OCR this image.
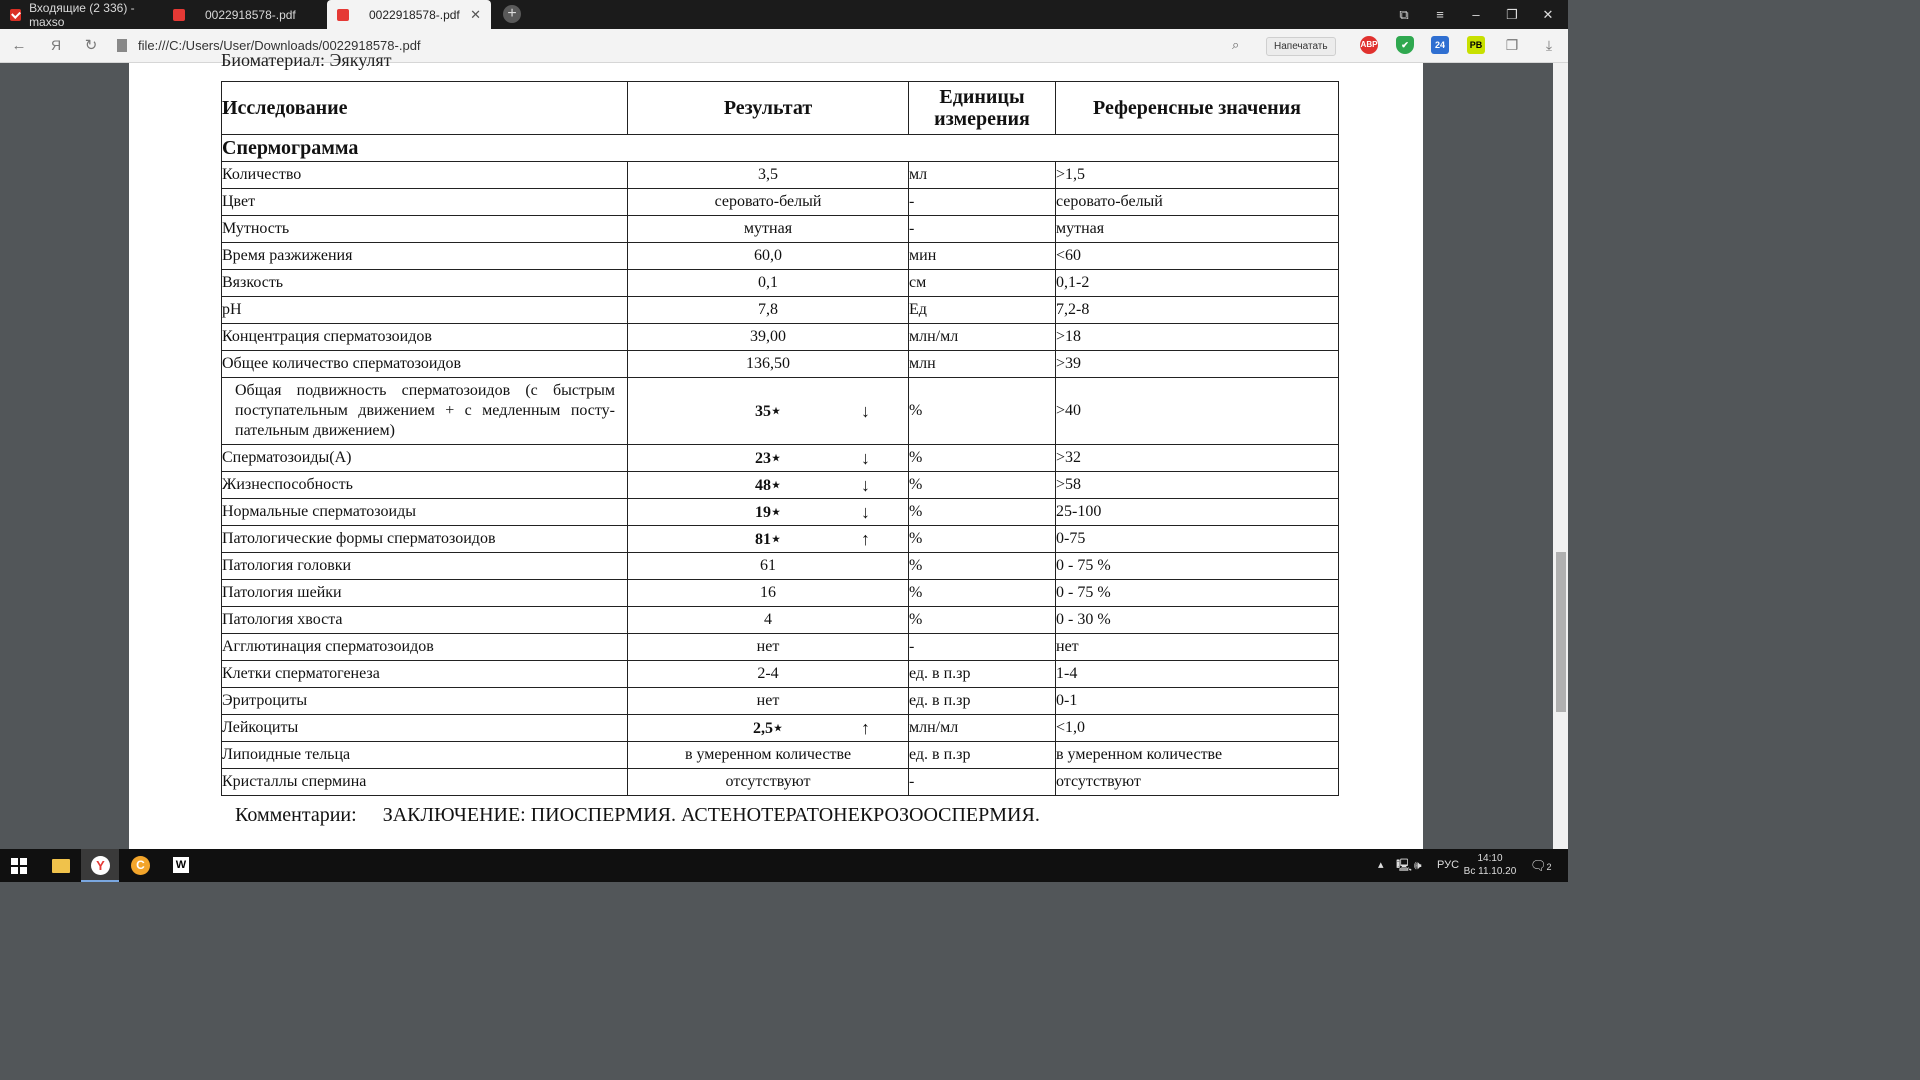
Входящие (2 336) - maxso	0022918578-.pdf	0022918578-.pdf ✕ +	⧉	≡	–	❐	✕
←	Я	↻	file:///C:/Users/User/Downloads/0022918578-.pdf	⌕	Напечатать	ABP	✔	24	PB	❐	⤓
Биоматериал: Эякулят
Исследование	Результат	Единицы измерения	Референсные значения
Спермограмма			
Количество	3,5	мл	>1,5
Цвет	серовато-белый	-	серовато-белый
Мутность	мутная	-	мутная
Время разжижения	60,0	мин	<60
Вязкость	0,1	см	0,1-2
pH	7,8	Ед	7,2-8
Концентрация сперматозоидов	39,00	млн/мл	>18
Общее количество сперматозоидов	136,50	млн	>39
Общая подвижность сперматозоидов (с быстрым поступательным движением + с медленным посту-пательным движением)	35⋆ ↓	%	>40
Сперматозоиды(А)	23⋆ ↓	%	>32
Жизнеспособность	48⋆ ↓	%	>58
Нормальные сперматозоиды	19⋆ ↓	%	25-100
Патологические формы сперматозоидов	81⋆ ↑	%	0-75
Патология головки	61	%	0 - 75 %
Патология шейки	16	%	0 - 75 %
Патология хвоста	4	%	0 - 30 %
Агглютинация сперматозоидов	нет	-	нет
Клетки сперматогенеза	2-4	ед. в п.зр	1-4
Эритроциты	нет	ед. в п.зр	0-1
Лейкоциты	2,5⋆ ↑	млн/мл	<1,0
Липоидные тельца	в умеренном количестве	ед. в п.зр	в умеренном количестве
Кристаллы спермина	отсутствуют	-	отсутствуют
Комментарии: ЗАКЛЮЧЕНИЕ: ПИОСПЕРМИЯ. АСТЕНОТЕРАТОНЕКРОЗООСПЕРМИЯ.
Y	C	W	▴ 🖳 🕪 РУС
14:10
Вс 11.10.20 🗨2
